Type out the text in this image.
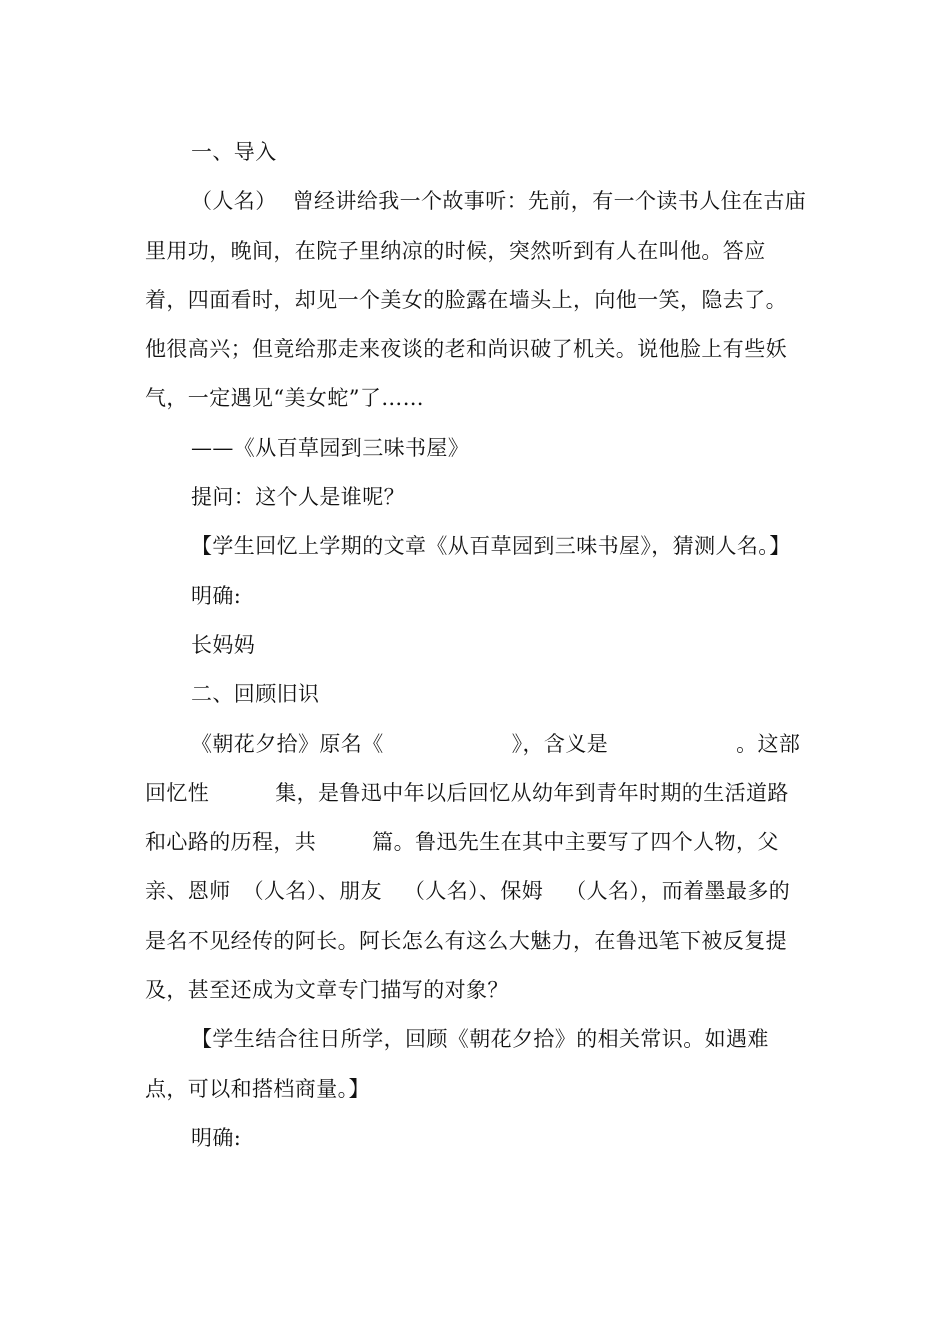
一、导入

（人名） 曾经讲给我一个故事听：先前，有一个读书人住在古庙里用功，晚间，在院子里纳凉的时候，突然听到有人在叫他。答应着，四面看时，却见一个美女的脸露在墙头上，向他一笑，隐去了。他很高兴；但竟给那走来夜谈的老和尚识破了机关。说他脸上有些妖气，一定遇见“美女蛇”了……

——《从百草园到三味书屋》

提问：这个人是谁呢？

【学生回忆上学期的文章《从百草园到三味书屋》，猜测人名。】

明确:

长妈妈

二、回顾旧识

《朝花夕拾》原名《	》，含义是	。这部回忆性	集，是鲁迅中年以后回忆从幼年到青年时期的生活道路和心路的历程，共	篇。鲁迅先生在其中主要写了四个人物，父亲、恩师 （人名）、朋友 （人名）、保姆 （人名），而着墨最多的是名不见经传的阿长。阿长怎么有这么大魅力，在鲁迅笔下被反复提及，甚至还成为文章专门描写的对象？

【学生结合往日所学，回顾《朝花夕拾》的相关常识。如遇难点，可以和搭档商量。】

明确:
